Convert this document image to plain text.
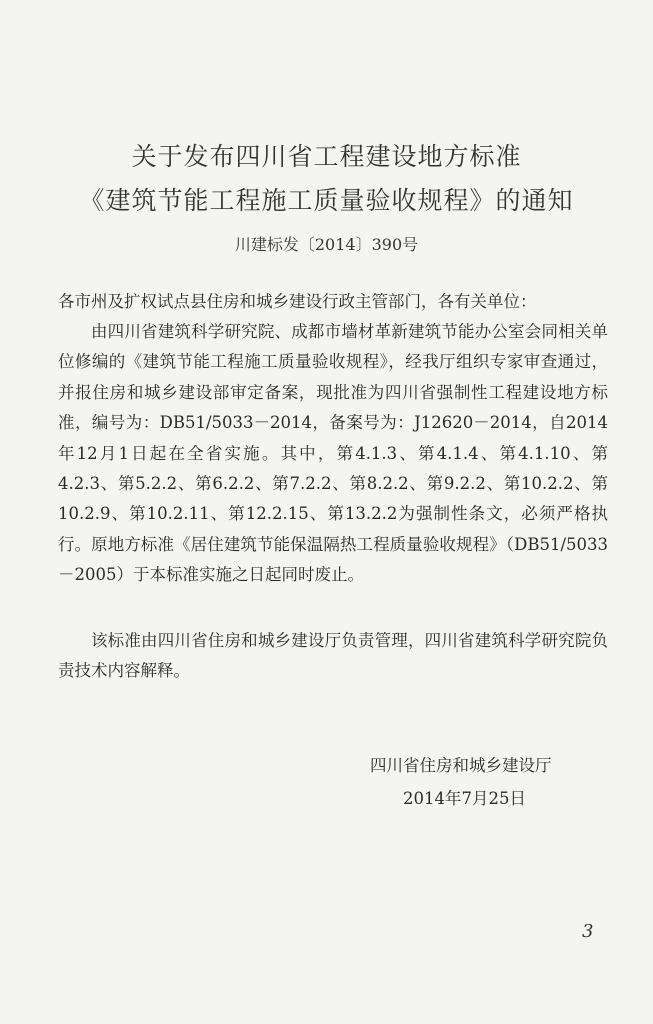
关于发布四川省工程建设地方标准
《建筑节能工程施工质量验收规程》的通知
川建标发〔2014〕390号
各市州及扩权试点县住房和城乡建设行政主管部门，各有关单位：
由四川省建筑科学研究院、成都市墙材革新建筑节能办公室会同相关单位修编的《建筑节能工程施工质量验收规程》，经我厅组织专家审查通过，并报住房和城乡建设部审定备案，现批准为四川省强制性工程建设地方标准，编号为：DB51/5033－2014，备案号为：J12620－2014，自2014年12月1日起在全省实施。其中，第4.1.3、第4.1.4、第4.1.10、第4.2.3、第5.2.2、第6.2.2、第7.2.2、第8.2.2、第9.2.2、第10.2.2、第10.2.9、第10.2.11、第12.2.15、第13.2.2为强制性条文，必须严格执行。原地方标准《居住建筑节能保温隔热工程质量验收规程》（DB51/5033－2005）于本标准实施之日起同时废止。
该标准由四川省住房和城乡建设厅负责管理，四川省建筑科学研究院负责技术内容解释。
四川省住房和城乡建设厅
2014年7月25日
3
